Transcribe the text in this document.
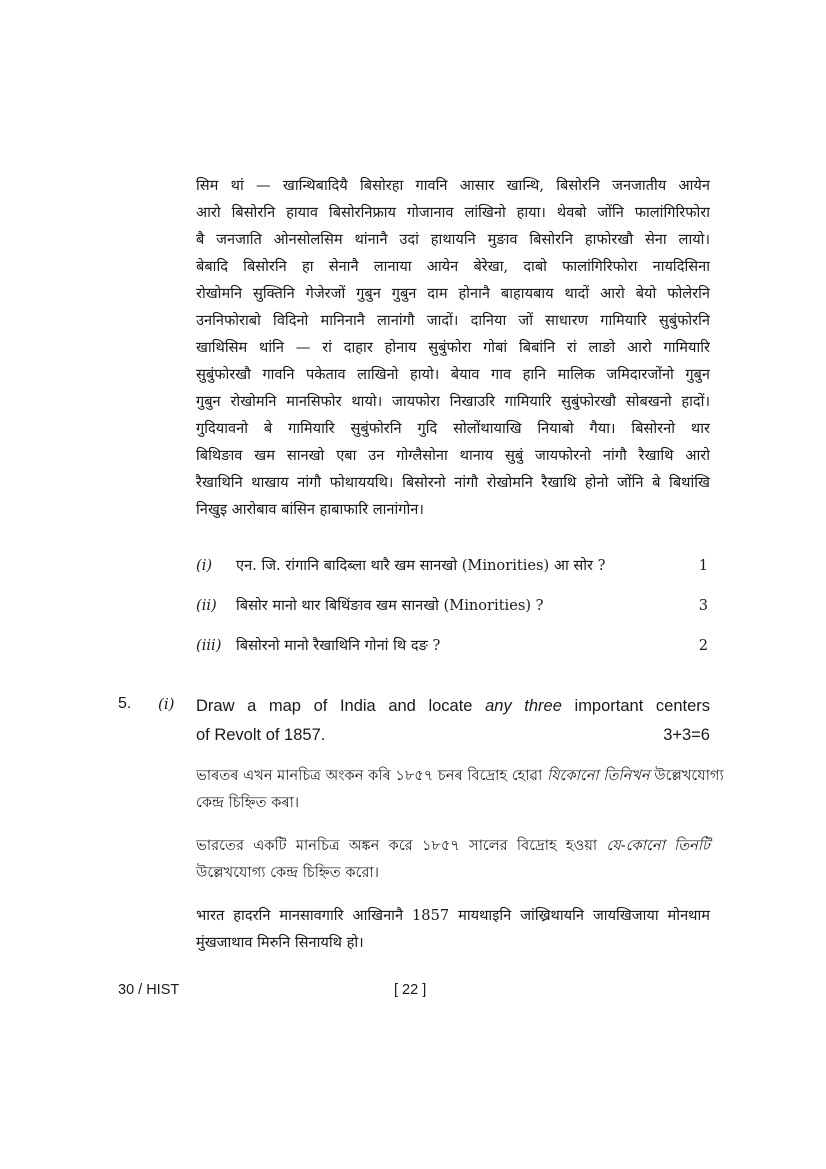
सिम थां — खान्थिबादियै बिसोरहा गावनि आसार खान्थि, बिसोरनि जनजातीय आयेन
आरो बिसोरनि हायाव बिसोरनिफ्राय गोजानाव लांखिनो हाया। थेवबो जोंनि फालांगिरिफोरा
बै जनजाति ओनसोलसिम थांनानै उदां हाथायनि मुङाव बिसोरनि हाफोरखौ सेना लायो।
बेबादि बिसोरनि हा सेनानै लानाया आयेन बेरेखा, दाबो फालांगिरिफोरा नायदिसिना
रोखोमनि सुक्तिनि गेजेरजों गुबुन गुबुन दाम होनानै बाहायबाय थादों आरो बेयो फोलेरनि
उननिफोराबो विदिनो मानिनानै लानांगौ जादों। दानिया जों साधारण गामियारि सुबुंफोरनि
खाथिसिम थांनि — रां दाहार होनाय सुबुंफोरा गोबां बिबांनि रां लाङो आरो गामियारि
सुबुंफोरखौ गावनि पकेताव लाखिनो हायो। बेयाव गाव हानि मालिक जमिदारजोंनो गुबुन
गुबुन रोखोमनि मानसिफोर थायो। जायफोरा निखाउरि गामियारि सुबुंफोरखौ सोबखनो हादों।
गुदियावनो बे गामियारि सुबुंफोरनि गुदि सोलोंथायाखि नियाबो गैया। बिसोरनो थार
बिथिङाव खम सानखो एबा उन गोग्लैसोना थानाय सुबुं जायफोरनो नांगौ रैखाथि आरो
रैखाथिनि थाखाय नांगौ फोथाययथि। बिसोरनो नांगौ रोखोमनि रैखाथि होनो जोंनि बे बिथांखि
निखुइ आरोबाव बांसिन हाबाफारि लानांगोन।
(i) एन. जि. रांगानि बादिब्ला थारै खम सानखो (Minorities) आ सोर ?	1
(ii) बिसोर मानो थार बिथिंङाव खम सानखो (Minorities) ?	3
(iii) बिसोरनो मानो रैखाथिनि गोनां थि दङ ?	2
5. (i) Draw a map of India and locate any three important centers
of Revolt of 1857.	3+3=6
ভাৰতৰ এখন মানচিত্ৰ অংকন কৰি ১৮৫৭ চনৰ বিদ্ৰোহ হোৱা যিকোনো তিনিখন উল্লেখযোগ্য
কেন্দ্ৰ চিহ্নিত কৰা।
ভারতের একটি মানচিত্র অঙ্কন করে ১৮৫৭ সালের বিদ্রোহ হওয়া যে-কোনো তিনটি
উল্লেখযোগ্য কেন্দ্র চিহ্নিত করো।
भारत हादरनि मानसावगारि आखिनानै 1857 मायथाइनि जांख्रिथायनि जायखिजाया मोनथाम
मुंखजाथाव मिरुनि सिनायथि हो।
30 / HIST	[ 22 ]
